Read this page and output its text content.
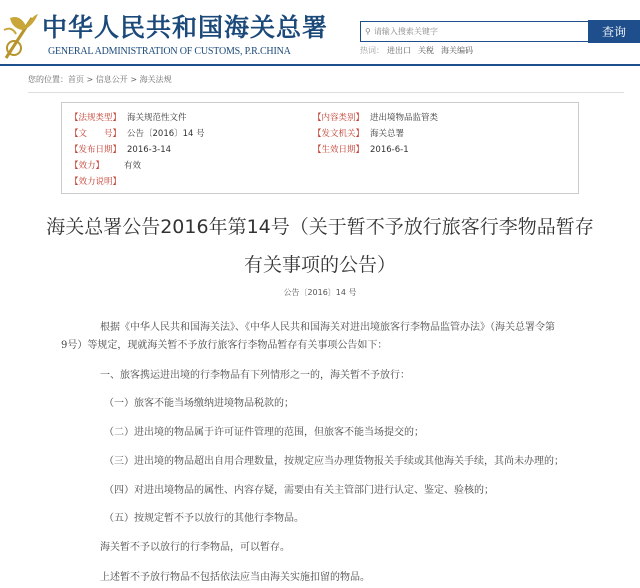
中华人民共和国海关总署
GENERAL ADMINISTRATION OF CUSTOMS, P.R.CHINA
⚲ 请输入搜索关键字	查询
热词： 进出口 关税 海关编码
您的位置：首页 > 信息公开 > 海关法规
【法规类型】 海关规范性文件	【内容类别】 进出境物品监管类
【文　　号】 公告〔2016〕14 号	【发文机关】 海关总署
【发布日期】 2016-3-14	【生效日期】 2016-6-1
【效力】 有效
【效力说明】
海关总署公告2016年第14号（关于暂不予放行旅客行李物品暂存
有关事项的公告）
公告〔2016〕14 号
根据《中华人民共和国海关法》、《中华人民共和国海关对进出境旅客行李物品监管办法》（海关总署令第
9号）等规定，现就海关暂不予放行旅客行李物品暂存有关事项公告如下：
一、旅客携运进出境的行李物品有下列情形之一的，海关暂不予放行：
（一）旅客不能当场缴纳进境物品税款的；
（二）进出境的物品属于许可证件管理的范围，但旅客不能当场提交的；
（三）进出境的物品超出自用合理数量，按规定应当办理货物报关手续或其他海关手续，其尚未办理的；
（四）对进出境物品的属性、内容存疑，需要由有关主管部门进行认定、鉴定、验核的；
（五）按规定暂不予以放行的其他行李物品。
海关暂不予以放行的行李物品，可以暂存。
上述暂不予放行物品不包括依法应当由海关实施扣留的物品。
